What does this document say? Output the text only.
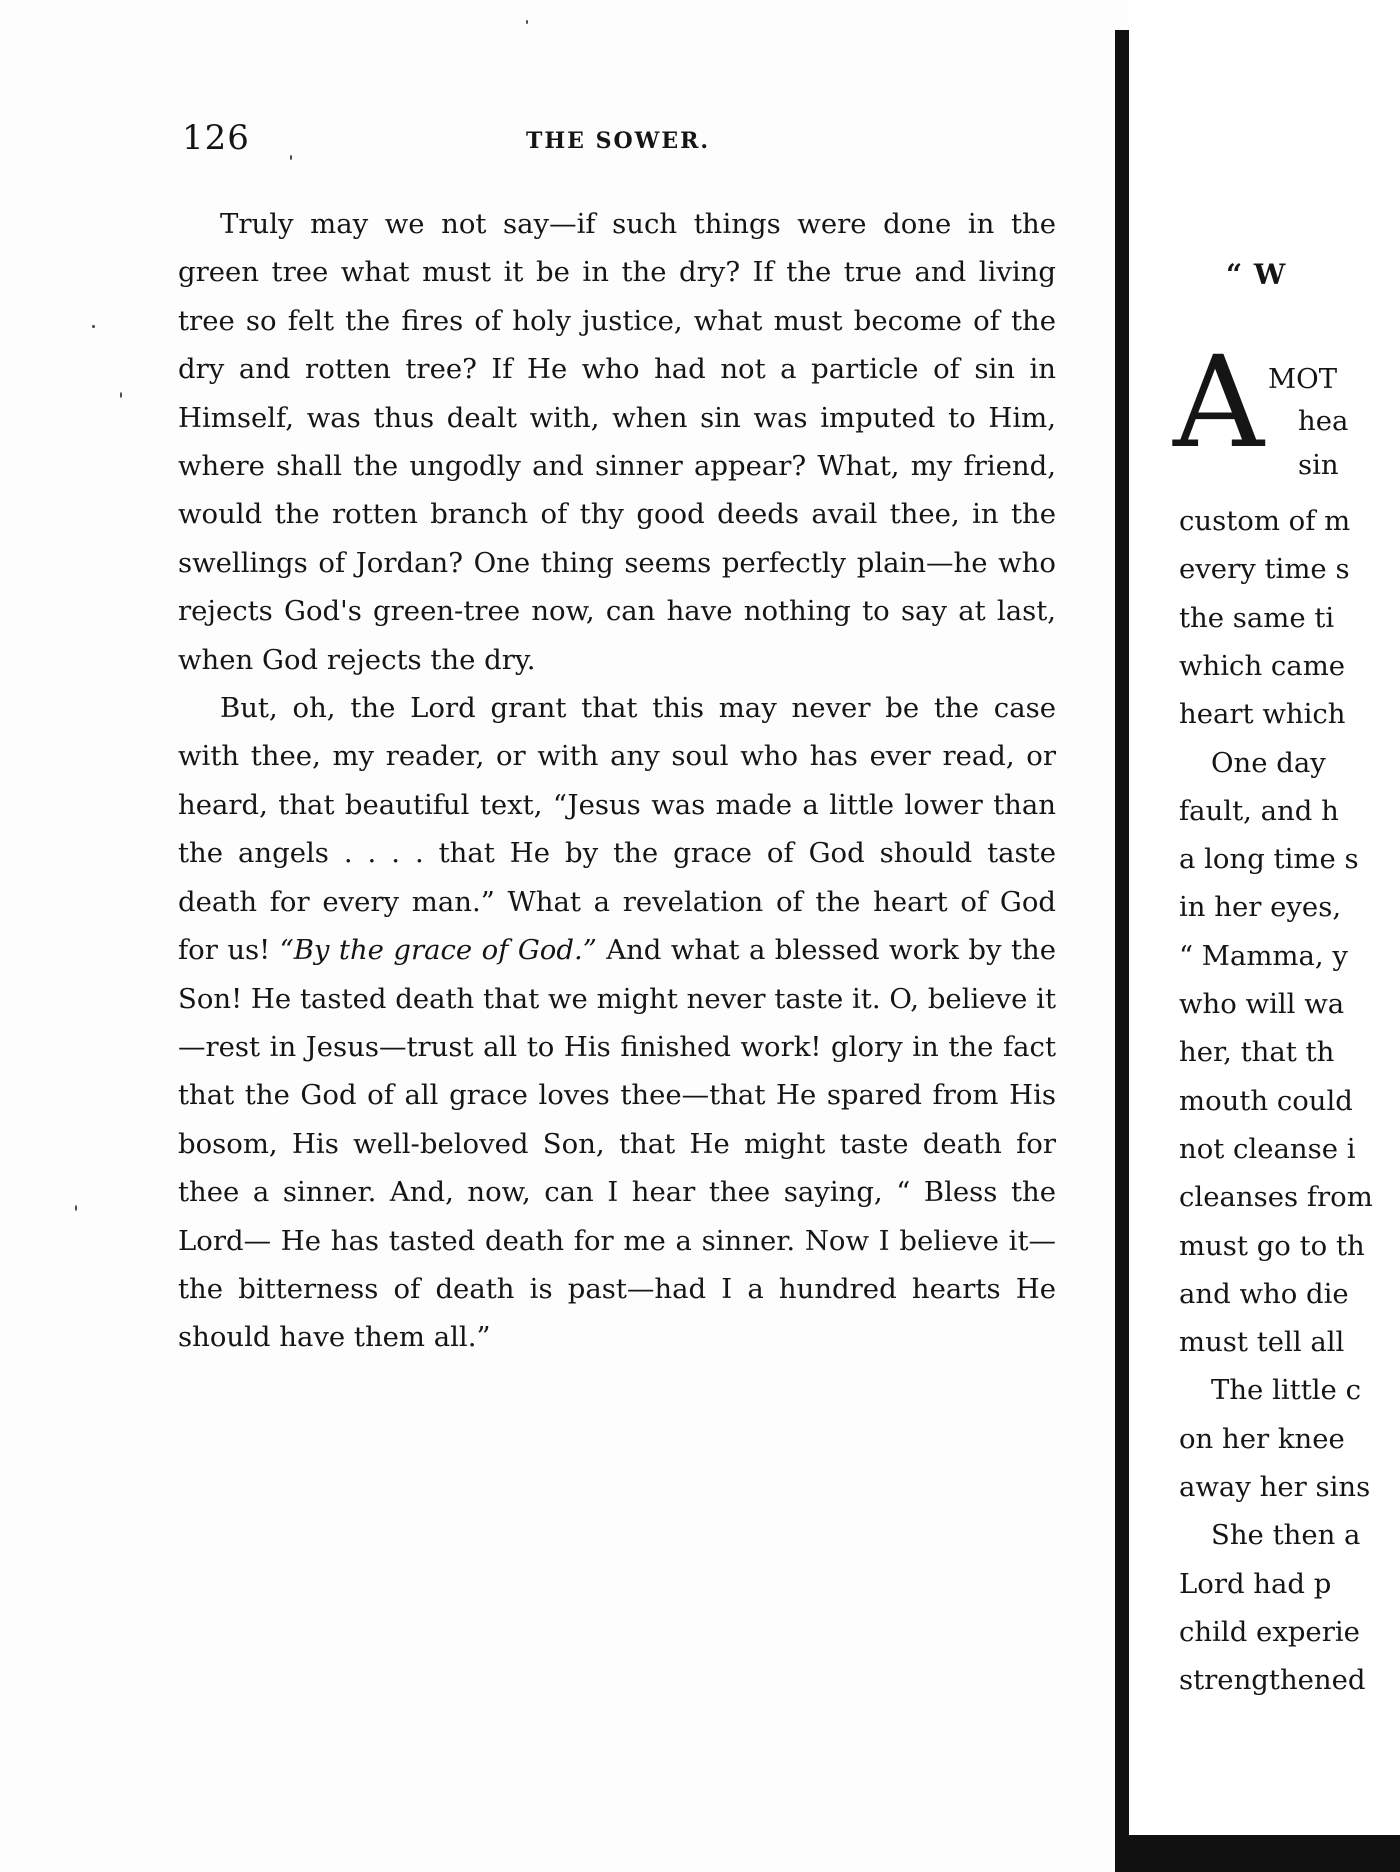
126	THE SOWER.

Truly may we not say—if such things were done in the green tree what must it be in the dry? If the true and living tree so felt the fires of holy justice, what must become of the dry and rotten tree? If He who had not a particle of sin in Himself, was thus dealt with, when sin was imputed to Him, where shall the ungodly and sinner appear? What, my friend, would the rotten branch of thy good deeds avail thee, in the swellings of Jordan? One thing seems perfectly plain—he who rejects God's green-tree now, can have nothing to say at last, when God rejects the dry.

But, oh, the Lord grant that this may never be the case with thee, my reader, or with any soul who has ever read, or heard, that beautiful text, “Jesus was made a little lower than the angels . . . . that He by the grace of God should taste death for every man.” What a revelation of the heart of God for us! “By the grace of God.” And what a blessed work by the Son! He tasted death that we might never taste it. O, believe it—rest in Jesus—trust all to His finished work! glory in the fact that the God of all grace loves thee—that He spared from His bosom, His well-beloved Son, that He might taste death for thee a sinner. And, now, can I hear thee saying, “ Bless the Lord— He has tasted death for me a sinner. Now I believe it—the bitterness of death is past—had I a hundred hearts He should have them all.”

“ W
A MOT
hea
sin
custom of m
every time s
the same ti
which came
heart which
One day
fault, and h
a long time s
in her eyes,
“ Mamma, y
who will wa
her, that th
mouth could
not cleanse i
cleanses from
must go to th
and who die
must tell all
The little c
on her knee
away her sins
She then a
Lord had p
child experie
strengthened
